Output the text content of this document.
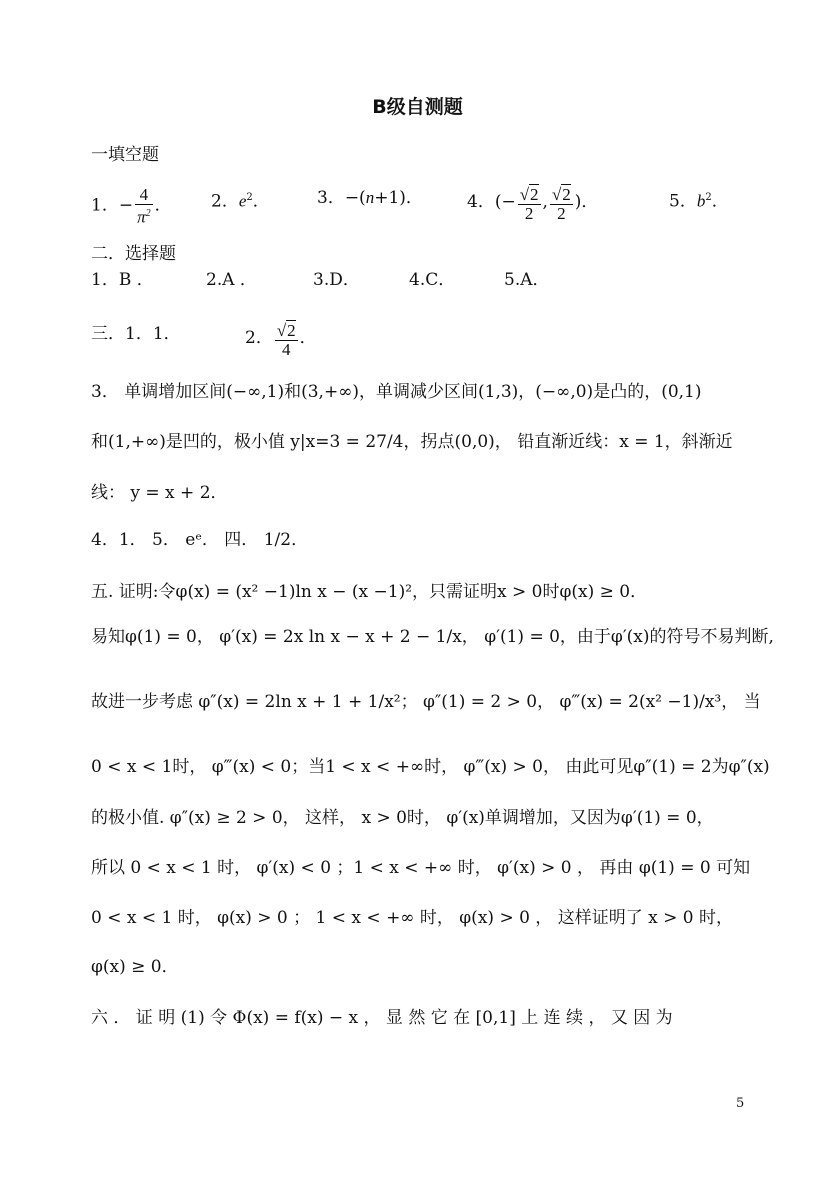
B级自测题
一填空题
1．− $\frac{4}{\pi^2}$ ． 2．$e^2$．	3．−(n+1)．	4．(− $\frac{√2}{2}$ , $\frac{√2}{2}$ )．	5．$b^2$．
二．选择题
1．B ．	2.A ．	3.D．	4.C．	5.A．
三．1．1．	2． $\frac{√2}{4}$ ．
3． 单调增加区间(−∞,1)和(3,+∞)，单调减少区间(1,3)，(−∞,0)是凸的，(0,1)
和(1,+∞)是凹的，极小值 y|x=3 = 27/4，拐点(0,0)， 铅直渐近线：x = 1，斜渐近
线： y = x + 2．
4．1． 5． eᵉ． 四． 1/2．
五. 证明:令φ(x) = (x² −1)ln x − (x −1)²，只需证明x > 0时φ(x) ≥ 0．
易知φ(1) = 0， φ′(x) = 2x ln x − x + 2 − 1/x， φ′(1) = 0，由于φ′(x)的符号不易判断,
故进一步考虑 φ″(x) = 2ln x + 1 + 1/x²； φ″(1) = 2 > 0， φ‴(x) = 2(x² −1)/x³， 当
0 < x < 1时， φ‴(x) < 0；当1 < x < +∞时， φ‴(x) > 0， 由此可见φ″(1) = 2为φ″(x)
的极小值. φ″(x) ≥ 2 > 0， 这样， x > 0时， φ′(x)单调增加，又因为φ′(1) = 0，
所以 0 < x < 1 时， φ′(x) < 0 ；1 < x < +∞ 时， φ′(x) > 0 ， 再由 φ(1) = 0 可知
0 < x < 1 时， φ(x) > 0 ； 1 < x < +∞ 时， φ(x) > 0 ， 这样证明了 x > 0 时，
φ(x) ≥ 0．
六 ． 证 明 (1) 令 Φ(x) = f(x) − x ， 显 然 它 在 [0,1] 上 连 续 ， 又 因 为
5
